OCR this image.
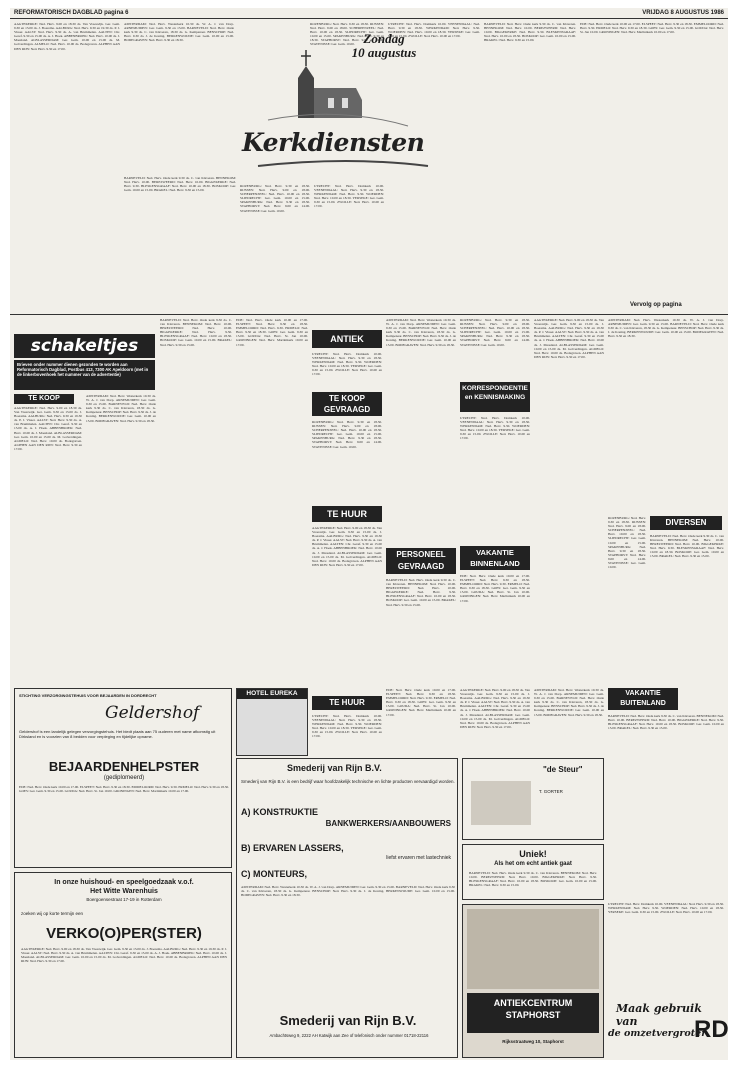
REFORMATORISCH DAGBLAD pagina 6	VRIJDAG 8 AUGUSTUS 1986
AAGTEKERKE: Ned. Herv. 9.00 en 18.30 ds. Van Vreeswijk. Ger. Gem. 9.30 en 15.00 ds. J. Boerema. AALBURG: Ned. Herv. 9.30 en 19.30 ds. P. J. Visser. AALST: Ned. Herv. 9.30 ds. A. van Brummelen. AALTEN: Chr. Geref. 9.30 en 15.00 ds. A. J. Hoek. ABBENBROEK: Ned. Herv. 10.00 ds. J. Maasland. ALBLASSERDAM: Ger. Gem. 10.00 en 15.00 ds. M. Golverdingen. ALMELO: Ned. Herv. 10.00 ds. Bodegraven. ALPHEN AAN DEN RIJN: Ned. Herv. 9.30 en 17.00.
AMSTERDAM: Ned. Herv. Westerkerk 10.30 ds. W. A. J. van Dorp. ARNEMUIDEN: Ger. Gem. 9.30 en 15.00. BARNEVELD: Ned. Herv. Oude kerk 9.30 ds. C. van Klaveren, 18.30 ds. G. Kempenaar. BENSCHOP: Ned. Herv. 9.30 ds. J. de Koning. BERKENWOUDE: Ger. Gem. 10.00 en 15.00. BODEGRAVEN: Ned. Herv. 9.30 en 18.30.
BARNEVELD: Ned. Herv. Oude kerk 9.30 ds. C. van Klaveren. BENNEKOM: Ned. Herv. 10.00. BEREZWEERD: Ned. Herv. 10.00. BIGGEKERKE: Ned. Herv. 9.30. BLESKENSGRAAF: Ned. Herv. 10.00 en 18.30. BOSKOOP: Ger. Gem. 10.00 en 15.00. BRAKEL: Ned. Herv. 9.30 en 15.00.
Zondag
10 augustus
Kerkdiensten
ROZENBURG: Ned. Herv. 9.30 en 18.30. RIJSSEN: Ned. Herv. 9.00 en 18.00. SCHERPENZEEL: Ned. Herv. 10.00 en 18.30. SLIEDRECHT: Ger. Gem. 10.00 en 15.00. SPAKENBURG: Ned. Herv. 9.30 en 18.30. STAPHORST: Ned. Herv. 9.00 en 14.00. STAVENISSE: Ger. Gem. 10.00.
UTRECHT: Ned. Herv. Domkerk 10.00. VEENENDAAL: Ned. Herv. 9.30 en 18.30. WERKENDAM: Ned. Herv. 9.30. WOERDEN: Ned. Herv. 10.00 en 18.30. YERSEKE: Ger. Gem. 9.30 en 15.00. ZWOLLE: Ned. Herv. 10.00 en 17.00.
ROZENBURG: Ned. Herv. 9.30 en 18.30. RIJSSEN: Ned. Herv. 9.00 en 18.00. SCHERPENZEEL: Ned. Herv. 10.00 en 18.30. SLIEDRECHT: Ger. Gem. 10.00 en 15.00. SPAKENBURG: Ned. Herv. 9.30 en 18.30. STAPHORST: Ned. Herv. 9.00 en 14.00. STAVENISSE: Ger. Gem. 10.00.
UTRECHT: Ned. Herv. Domkerk 10.00. VEENENDAAL: Ned. Herv. 9.30 en 18.30. WERKENDAM: Ned. Herv. 9.30. WOERDEN: Ned. Herv. 10.00 en 18.30. YERSEKE: Ger. Gem. 9.30 en 15.00. ZWOLLE: Ned. Herv. 10.00 en 17.00.
BARNEVELD: Ned. Herv. Oude kerk 9.30 ds. C. van Klaveren. BENNEKOM: Ned. Herv. 10.00. BEREZWEERD: Ned. Herv. 10.00. BIGGEKERKE: Ned. Herv. 9.30. BLESKENSGRAAF: Ned. Herv. 10.00 en 18.30. BOSKOOP: Ger. Gem. 10.00 en 15.00. BRAKEL: Ned. Herv. 9.30 en 15.00.
EDE: Ned. Herv. Oude kerk 10.00 en 17.00. ELSPEET: Ned. Herv. 9.30 en 18.30. EMMELOORD: Ned. Herv. 9.30. ERMELO: Ned. Herv. 9.30 en 18.30. GOES: Ger. Gem. 9.30 en 15.00. GOUDA: Ned. Herv. St. Jan 10.00. GRONINGEN: Ned. Herv. Martinikerk 10.00 en 17.00.
Vervolg op pagina
schakeltjes
Brieven onder nummer dienen gezonden te worden aan Reformatorisch Dagblad, Postbus 413, 7300 AK Apeldoorn (met in de linkerbovenhoek het nummer van de advertentie)
TE KOOP
AAGTEKERKE: Ned. Herv. 9.00 en 18.30 ds. Van Vreeswijk. Ger. Gem. 9.30 en 15.00 ds. J. Boerema. AALBURG: Ned. Herv. 9.30 en 19.30 ds. P. J. Visser. AALST: Ned. Herv. 9.30 ds. A. van Brummelen. AALTEN: Chr. Geref. 9.30 en 15.00 ds. A. J. Hoek. ABBENBROEK: Ned. Herv. 10.00 ds. J. Maasland. ALBLASSERDAM: Ger. Gem. 10.00 en 15.00 ds. M. Golverdingen. ALMELO: Ned. Herv. 10.00 ds. Bodegraven. ALPHEN AAN DEN RIJN: Ned. Herv. 9.30 en 17.00.
AMSTERDAM: Ned. Herv. Westerkerk 10.30 ds. W. A. J. van Dorp. ARNEMUIDEN: Ger. Gem. 9.30 en 15.00. BARNEVELD: Ned. Herv. Oude kerk 9.30 ds. C. van Klaveren, 18.30 ds. G. Kempenaar. BENSCHOP: Ned. Herv. 9.30 ds. J. de Koning. BERKENWOUDE: Ger. Gem. 10.00 en 15.00. BODEGRAVEN: Ned. Herv. 9.30 en 18.30.
BARNEVELD: Ned. Herv. Oude kerk 9.30 ds. C. van Klaveren. BENNEKOM: Ned. Herv. 10.00. BEREZWEERD: Ned. Herv. 10.00. BIGGEKERKE: Ned. Herv. 9.30. BLESKENSGRAAF: Ned. Herv. 10.00 en 18.30. BOSKOOP: Ger. Gem. 10.00 en 15.00. BRAKEL: Ned. Herv. 9.30 en 15.00.
EDE: Ned. Herv. Oude kerk 10.00 en 17.00. ELSPEET: Ned. Herv. 9.30 en 18.30. EMMELOORD: Ned. Herv. 9.30. ERMELO: Ned. Herv. 9.30 en 18.30. GOES: Ger. Gem. 9.30 en 15.00. GOUDA: Ned. Herv. St. Jan 10.00. GRONINGEN: Ned. Herv. Martinikerk 10.00 en 17.00.
ANTIEK
UTRECHT: Ned. Herv. Domkerk 10.00. VEENENDAAL: Ned. Herv. 9.30 en 18.30. WERKENDAM: Ned. Herv. 9.30. WOERDEN: Ned. Herv. 10.00 en 18.30. YERSEKE: Ger. Gem. 9.30 en 15.00. ZWOLLE: Ned. Herv. 10.00 en 17.00.
TE KOOP GEVRAAGD
ROZENBURG: Ned. Herv. 9.30 en 18.30. RIJSSEN: Ned. Herv. 9.00 en 18.00. SCHERPENZEEL: Ned. Herv. 10.00 en 18.30. SLIEDRECHT: Ger. Gem. 10.00 en 15.00. SPAKENBURG: Ned. Herv. 9.30 en 18.30. STAPHORST: Ned. Herv. 9.00 en 14.00. STAVENISSE: Ger. Gem. 10.00.
TE HUUR
AAGTEKERKE: Ned. Herv. 9.00 en 18.30 ds. Van Vreeswijk. Ger. Gem. 9.30 en 15.00 ds. J. Boerema. AALBURG: Ned. Herv. 9.30 en 19.30 ds. P. J. Visser. AALST: Ned. Herv. 9.30 ds. A. van Brummelen. AALTEN: Chr. Geref. 9.30 en 15.00 ds. A. J. Hoek. ABBENBROEK: Ned. Herv. 10.00 ds. J. Maasland. ALBLASSERDAM: Ger. Gem. 10.00 en 15.00 ds. M. Golverdingen. ALMELO: Ned. Herv. 10.00 ds. Bodegraven. ALPHEN AAN DEN RIJN: Ned. Herv. 9.30 en 17.00.
AMSTERDAM: Ned. Herv. Westerkerk 10.30 ds. W. A. J. van Dorp. ARNEMUIDEN: Ger. Gem. 9.30 en 15.00. BARNEVELD: Ned. Herv. Oude kerk 9.30 ds. C. van Klaveren, 18.30 ds. G. Kempenaar. BENSCHOP: Ned. Herv. 9.30 ds. J. de Koning. BERKENWOUDE: Ger. Gem. 10.00 en 15.00. BODEGRAVEN: Ned. Herv. 9.30 en 18.30.
PERSONEEL GEVRAAGD
BARNEVELD: Ned. Herv. Oude kerk 9.30 ds. C. van Klaveren. BENNEKOM: Ned. Herv. 10.00. BEREZWEERD: Ned. Herv. 10.00. BIGGEKERKE: Ned. Herv. 9.30. BLESKENSGRAAF: Ned. Herv. 10.00 en 18.30. BOSKOOP: Ger. Gem. 10.00 en 15.00. BRAKEL: Ned. Herv. 9.30 en 15.00.
ROZENBURG: Ned. Herv. 9.30 en 18.30. RIJSSEN: Ned. Herv. 9.00 en 18.00. SCHERPENZEEL: Ned. Herv. 10.00 en 18.30. SLIEDRECHT: Ger. Gem. 10.00 en 15.00. SPAKENBURG: Ned. Herv. 9.30 en 18.30. STAPHORST: Ned. Herv. 9.00 en 14.00. STAVENISSE: Ger. Gem. 10.00.
KORRESPONDENTIE en KENNISMAKING
UTRECHT: Ned. Herv. Domkerk 10.00. VEENENDAAL: Ned. Herv. 9.30 en 18.30. WERKENDAM: Ned. Herv. 9.30. WOERDEN: Ned. Herv. 10.00 en 18.30. YERSEKE: Ger. Gem. 9.30 en 15.00. ZWOLLE: Ned. Herv. 10.00 en 17.00.
VAKANTIE BINNENLAND
EDE: Ned. Herv. Oude kerk 10.00 en 17.00. ELSPEET: Ned. Herv. 9.30 en 18.30. EMMELOORD: Ned. Herv. 9.30. ERMELO: Ned. Herv. 9.30 en 18.30. GOES: Ger. Gem. 9.30 en 15.00. GOUDA: Ned. Herv. St. Jan 10.00. GRONINGEN: Ned. Herv. Martinikerk 10.00 en 17.00.
AAGTEKERKE: Ned. Herv. 9.00 en 18.30 ds. Van Vreeswijk. Ger. Gem. 9.30 en 15.00 ds. J. Boerema. AALBURG: Ned. Herv. 9.30 en 19.30 ds. P. J. Visser. AALST: Ned. Herv. 9.30 ds. A. van Brummelen. AALTEN: Chr. Geref. 9.30 en 15.00 ds. A. J. Hoek. ABBENBROEK: Ned. Herv. 10.00 ds. J. Maasland. ALBLASSERDAM: Ger. Gem. 10.00 en 15.00 ds. M. Golverdingen. ALMELO: Ned. Herv. 10.00 ds. Bodegraven. ALPHEN AAN DEN RIJN: Ned. Herv. 9.30 en 17.00.
AMSTERDAM: Ned. Herv. Westerkerk 10.30 ds. W. A. J. van Dorp. ARNEMUIDEN: Ger. Gem. 9.30 en 15.00. BARNEVELD: Ned. Herv. Oude kerk 9.30 ds. C. van Klaveren, 18.30 ds. G. Kempenaar. BENSCHOP: Ned. Herv. 9.30 ds. J. de Koning. BERKENWOUDE: Ger. Gem. 10.00 en 15.00. BODEGRAVEN: Ned. Herv. 9.30 en 18.30.
DIVERSEN
BARNEVELD: Ned. Herv. Oude kerk 9.30 ds. C. van Klaveren. BENNEKOM: Ned. Herv. 10.00. BEREZWEERD: Ned. Herv. 10.00. BIGGEKERKE: Ned. Herv. 9.30. BLESKENSGRAAF: Ned. Herv. 10.00 en 18.30. BOSKOOP: Ger. Gem. 10.00 en 15.00. BRAKEL: Ned. Herv. 9.30 en 15.00.
ROZENBURG: Ned. Herv. 9.30 en 18.30. RIJSSEN: Ned. Herv. 9.00 en 18.00. SCHERPENZEEL: Ned. Herv. 10.00 en 18.30. SLIEDRECHT: Ger. Gem. 10.00 en 15.00. SPAKENBURG: Ned. Herv. 9.30 en 18.30. STAPHORST: Ned. Herv. 9.00 en 14.00. STAVENISSE: Ger. Gem. 10.00.
HOTEL EUREKA
TE HUUR
UTRECHT: Ned. Herv. Domkerk 10.00. VEENENDAAL: Ned. Herv. 9.30 en 18.30. WERKENDAM: Ned. Herv. 9.30. WOERDEN: Ned. Herv. 10.00 en 18.30. YERSEKE: Ger. Gem. 9.30 en 15.00. ZWOLLE: Ned. Herv. 10.00 en 17.00.
EDE: Ned. Herv. Oude kerk 10.00 en 17.00. ELSPEET: Ned. Herv. 9.30 en 18.30. EMMELOORD: Ned. Herv. 9.30. ERMELO: Ned. Herv. 9.30 en 18.30. GOES: Ger. Gem. 9.30 en 15.00. GOUDA: Ned. Herv. St. Jan 10.00. GRONINGEN: Ned. Herv. Martinikerk 10.00 en 17.00.
AAGTEKERKE: Ned. Herv. 9.00 en 18.30 ds. Van Vreeswijk. Ger. Gem. 9.30 en 15.00 ds. J. Boerema. AALBURG: Ned. Herv. 9.30 en 19.30 ds. P. J. Visser. AALST: Ned. Herv. 9.30 ds. A. van Brummelen. AALTEN: Chr. Geref. 9.30 en 15.00 ds. A. J. Hoek. ABBENBROEK: Ned. Herv. 10.00 ds. J. Maasland. ALBLASSERDAM: Ger. Gem. 10.00 en 15.00 ds. M. Golverdingen. ALMELO: Ned. Herv. 10.00 ds. Bodegraven. ALPHEN AAN DEN RIJN: Ned. Herv. 9.30 en 17.00.
AMSTERDAM: Ned. Herv. Westerkerk 10.30 ds. W. A. J. van Dorp. ARNEMUIDEN: Ger. Gem. 9.30 en 15.00. BARNEVELD: Ned. Herv. Oude kerk 9.30 ds. C. van Klaveren, 18.30 ds. G. Kempenaar. BENSCHOP: Ned. Herv. 9.30 ds. J. de Koning. BERKENWOUDE: Ger. Gem. 10.00 en 15.00. BODEGRAVEN: Ned. Herv. 9.30 en 18.30.
VAKANTIE BUITENLAND
BARNEVELD: Ned. Herv. Oude kerk 9.30 ds. C. van Klaveren. BENNEKOM: Ned. Herv. 10.00. BEREZWEERD: Ned. Herv. 10.00. BIGGEKERKE: Ned. Herv. 9.30. BLESKENSGRAAF: Ned. Herv. 10.00 en 18.30. BOSKOOP: Ger. Gem. 10.00 en 15.00. BRAKEL: Ned. Herv. 9.30 en 15.00.
STICHTING VERZORGINGSTEHUIS VOOR BEJAARDEN IN DORDRECHT
Geldershof
Geldershof is een landelijk gelegen verzorgingstehuis. Het biedt plaats aan 75 ouderen met name afkomstig uit Dirksland en is voorzien van 8 bedden voor verpleging en tijdelijke opname.
BEJAARDENHELPSTER
(gediplomeerd)
EDE: Ned. Herv. Oude kerk 10.00 en 17.00. ELSPEET: Ned. Herv. 9.30 en 18.30. EMMELOORD: Ned. Herv. 9.30. ERMELO: Ned. Herv. 9.30 en 18.30. GOES: Ger. Gem. 9.30 en 15.00. GOUDA: Ned. Herv. St. Jan 10.00. GRONINGEN: Ned. Herv. Martinikerk 10.00 en 17.00.
In onze huishoud- en speelgoedzaak v.o.f.
Het Witte Warenhuis
Boergoensestraat 17-19 in Rotterdam
zoeken wij op korte termijn een
VERKO(O)PER(STER)
AAGTEKERKE: Ned. Herv. 9.00 en 18.30 ds. Van Vreeswijk. Ger. Gem. 9.30 en 15.00 ds. J. Boerema. AALBURG: Ned. Herv. 9.30 en 19.30 ds. P. J. Visser. AALST: Ned. Herv. 9.30 ds. A. van Brummelen. AALTEN: Chr. Geref. 9.30 en 15.00 ds. A. J. Hoek. ABBENBROEK: Ned. Herv. 10.00 ds. J. Maasland. ALBLASSERDAM: Ger. Gem. 10.00 en 15.00 ds. M. Golverdingen. ALMELO: Ned. Herv. 10.00 ds. Bodegraven. ALPHEN AAN DEN RIJN: Ned. Herv. 9.30 en 17.00.
Smederij van Rijn B.V.
Smederij van Rijn B.V. is een bedrijf waar hoofdzakelijk technische en lichte producten vervaardigd worden.
A) KONSTRUKTIE
BANKWERKERS/AANBOUWERS
B) ERVAREN LASSERS,
liefst ervaren met lastechniek
C) MONTEURS,
AMSTERDAM: Ned. Herv. Westerkerk 10.30 ds. W. A. J. van Dorp. ARNEMUIDEN: Ger. Gem. 9.30 en 15.00. BARNEVELD: Ned. Herv. Oude kerk 9.30 ds. C. van Klaveren, 18.30 ds. G. Kempenaar. BENSCHOP: Ned. Herv. 9.30 ds. J. de Koning. BERKENWOUDE: Ger. Gem. 10.00 en 15.00. BODEGRAVEN: Ned. Herv. 9.30 en 18.30.
Smederij van Rijn B.V.
Ambachtsweg 9, 2222 AH Katwijk aan Zee of telefonisch onder nummer 01718-22116
"de Steur"
T. GORTER
Uniek!
Als het om echt antiek gaat
BARNEVELD: Ned. Herv. Oude kerk 9.30 ds. C. van Klaveren. BENNEKOM: Ned. Herv. 10.00. BEREZWEERD: Ned. Herv. 10.00. BIGGEKERKE: Ned. Herv. 9.30. BLESKENSGRAAF: Ned. Herv. 10.00 en 18.30. BOSKOOP: Ger. Gem. 10.00 en 15.00. BRAKEL: Ned. Herv. 9.30 en 15.00.
ANTIEKCENTRUM
STAPHORST
Rijksstraatweg 10, Staphorst
UTRECHT: Ned. Herv. Domkerk 10.00. VEENENDAAL: Ned. Herv. 9.30 en 18.30. WERKENDAM: Ned. Herv. 9.30. WOERDEN: Ned. Herv. 10.00 en 18.30. YERSEKE: Ger. Gem. 9.30 en 15.00. ZWOLLE: Ned. Herv. 10.00 en 17.00.
Maak gebruik van
de omzetvergroter
RD
